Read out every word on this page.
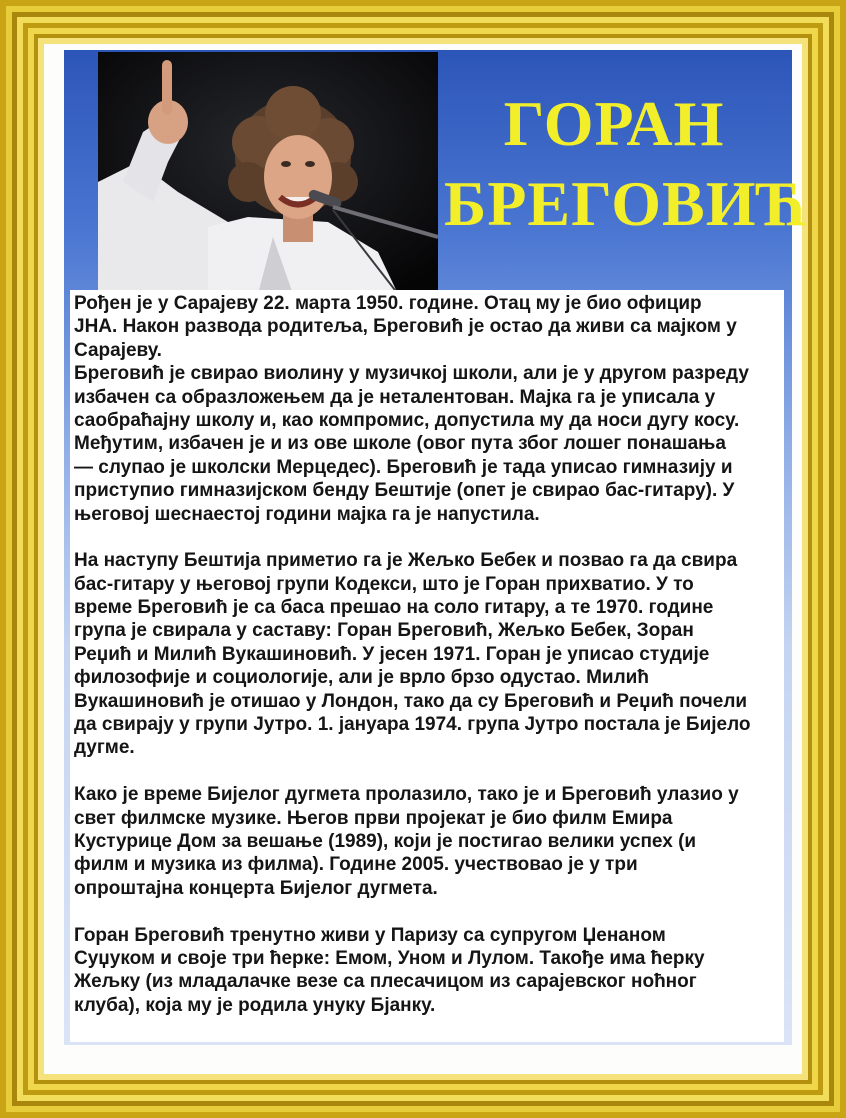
ГОРАН
БРЕГОВИЋ
Рођен је у Сарајеву 22. марта 1950. године. Отац му је био официр
ЈНА. Након развода родитеља, Бреговић је остао да живи са мајком у
Сарајеву.
Бреговић је свирао виолину у музичкој школи, али је у другом разреду
избачен са образложењем да је неталентован. Мајка га је уписала у
саобраћајну школу и, као компромис, допустила му да носи дугу косу.
Међутим, избачен је и из ове школе (овог пута због лошег понашања
— слупао је школски Мерцедес). Бреговић је тада уписао гимназију и
приступио гимназијском бенду Бештије (опет је свирао бас-гитару). У
његовој шеснаестој години мајка га је напустила.
На наступу Бештија приметио га је Жељко Бебек и позвао га да свира
бас-гитару у његовој групи Кодекси, што је Горан прихватио. У то
време Бреговић је са баса прешао на соло гитару, а те 1970. године
група је свирала у саставу: Горан Бреговић, Жељко Бебек, Зоран
Реџић и Милић Вукашиновић. У јесен 1971. Горан је уписао студије
филозофије и социологије, али је врло брзо одустао. Милић
Вукашиновић је отишао у Лондон, тако да су Бреговић и Реџић почели
да свирају у групи Јутро. 1. јануара 1974. група Јутро постала је Бијело
дугме.
Како је време Бијелог дугмета пролазило, тако је и Бреговић улазио у
свет филмске музике. Његов први пројекат је био филм Емира
Кустурице Дом за вешање (1989), који је постигао велики успех (и
филм и музика из филма). Године 2005. учествовао је у три
опроштајна концерта Бијелог дугмета.
Горан Бреговић тренутно живи у Паризу са супругом Џенаном
Суџуком и своје три ћерке: Емом, Уном и Лулом. Такође има ћерку
Жељку (из младалачке везе са плесачицом из сарајевског ноћног
клуба), која му је родила унуку Бјанку.
